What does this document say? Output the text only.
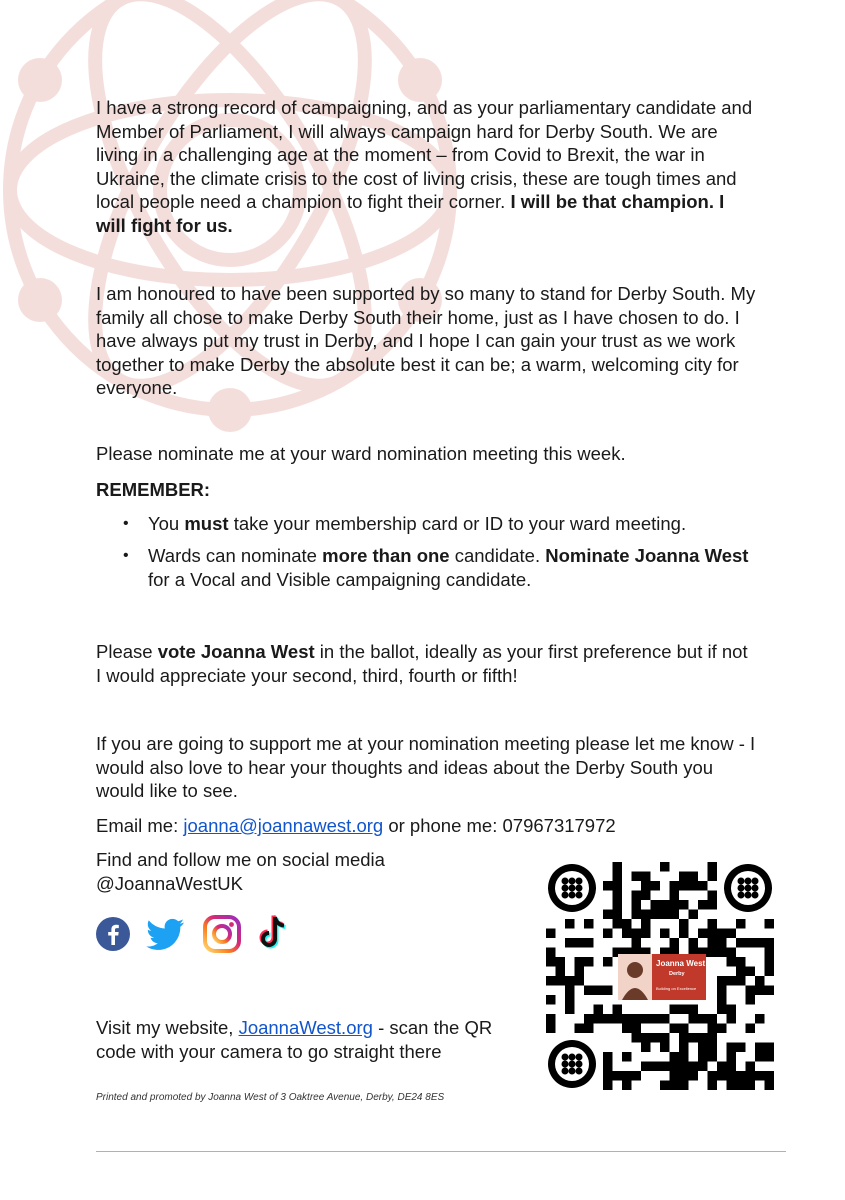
I have a strong record of campaigning, and as your parliamentary candidate and Member of Parliament, I will always campaign hard for Derby South. We are living in a challenging age at the moment – from Covid to Brexit, the war in Ukraine, the climate crisis to the cost of living crisis, these are tough times and local people need a champion to fight their corner. I will be that champion. I will fight for us.

I am honoured to have been supported by so many to stand for Derby South. My family all chose to make Derby South their home, just as I have chosen to do. I have always put my trust in Derby, and I hope I can gain your trust as we work together to make Derby the absolute best it can be; a warm, welcoming city for everyone.

Please nominate me at your ward nomination meeting this week.

REMEMBER:

• You must take your membership card or ID to your ward meeting.
• Wards can nominate more than one candidate. Nominate Joanna West for a Vocal and Visible campaigning candidate.

Please vote Joanna West in the ballot, ideally as your first preference but if not I would appreciate your second, third, fourth or fifth!

If you are going to support me at your nomination meeting please let me know - I would also love to hear your thoughts and ideas about the Derby South you would like to see.

Email me: joanna@joannawest.org or phone me: 07967317972

Find and follow me on social media
@JoannaWestUK

Visit my website, JoannaWest.org - scan the QR code with your camera to go straight there

Printed and promoted by Joanna West of 3 Oaktree Avenue, Derby, DE24 8ES

Joanna West
Derby
Building on Excellence
